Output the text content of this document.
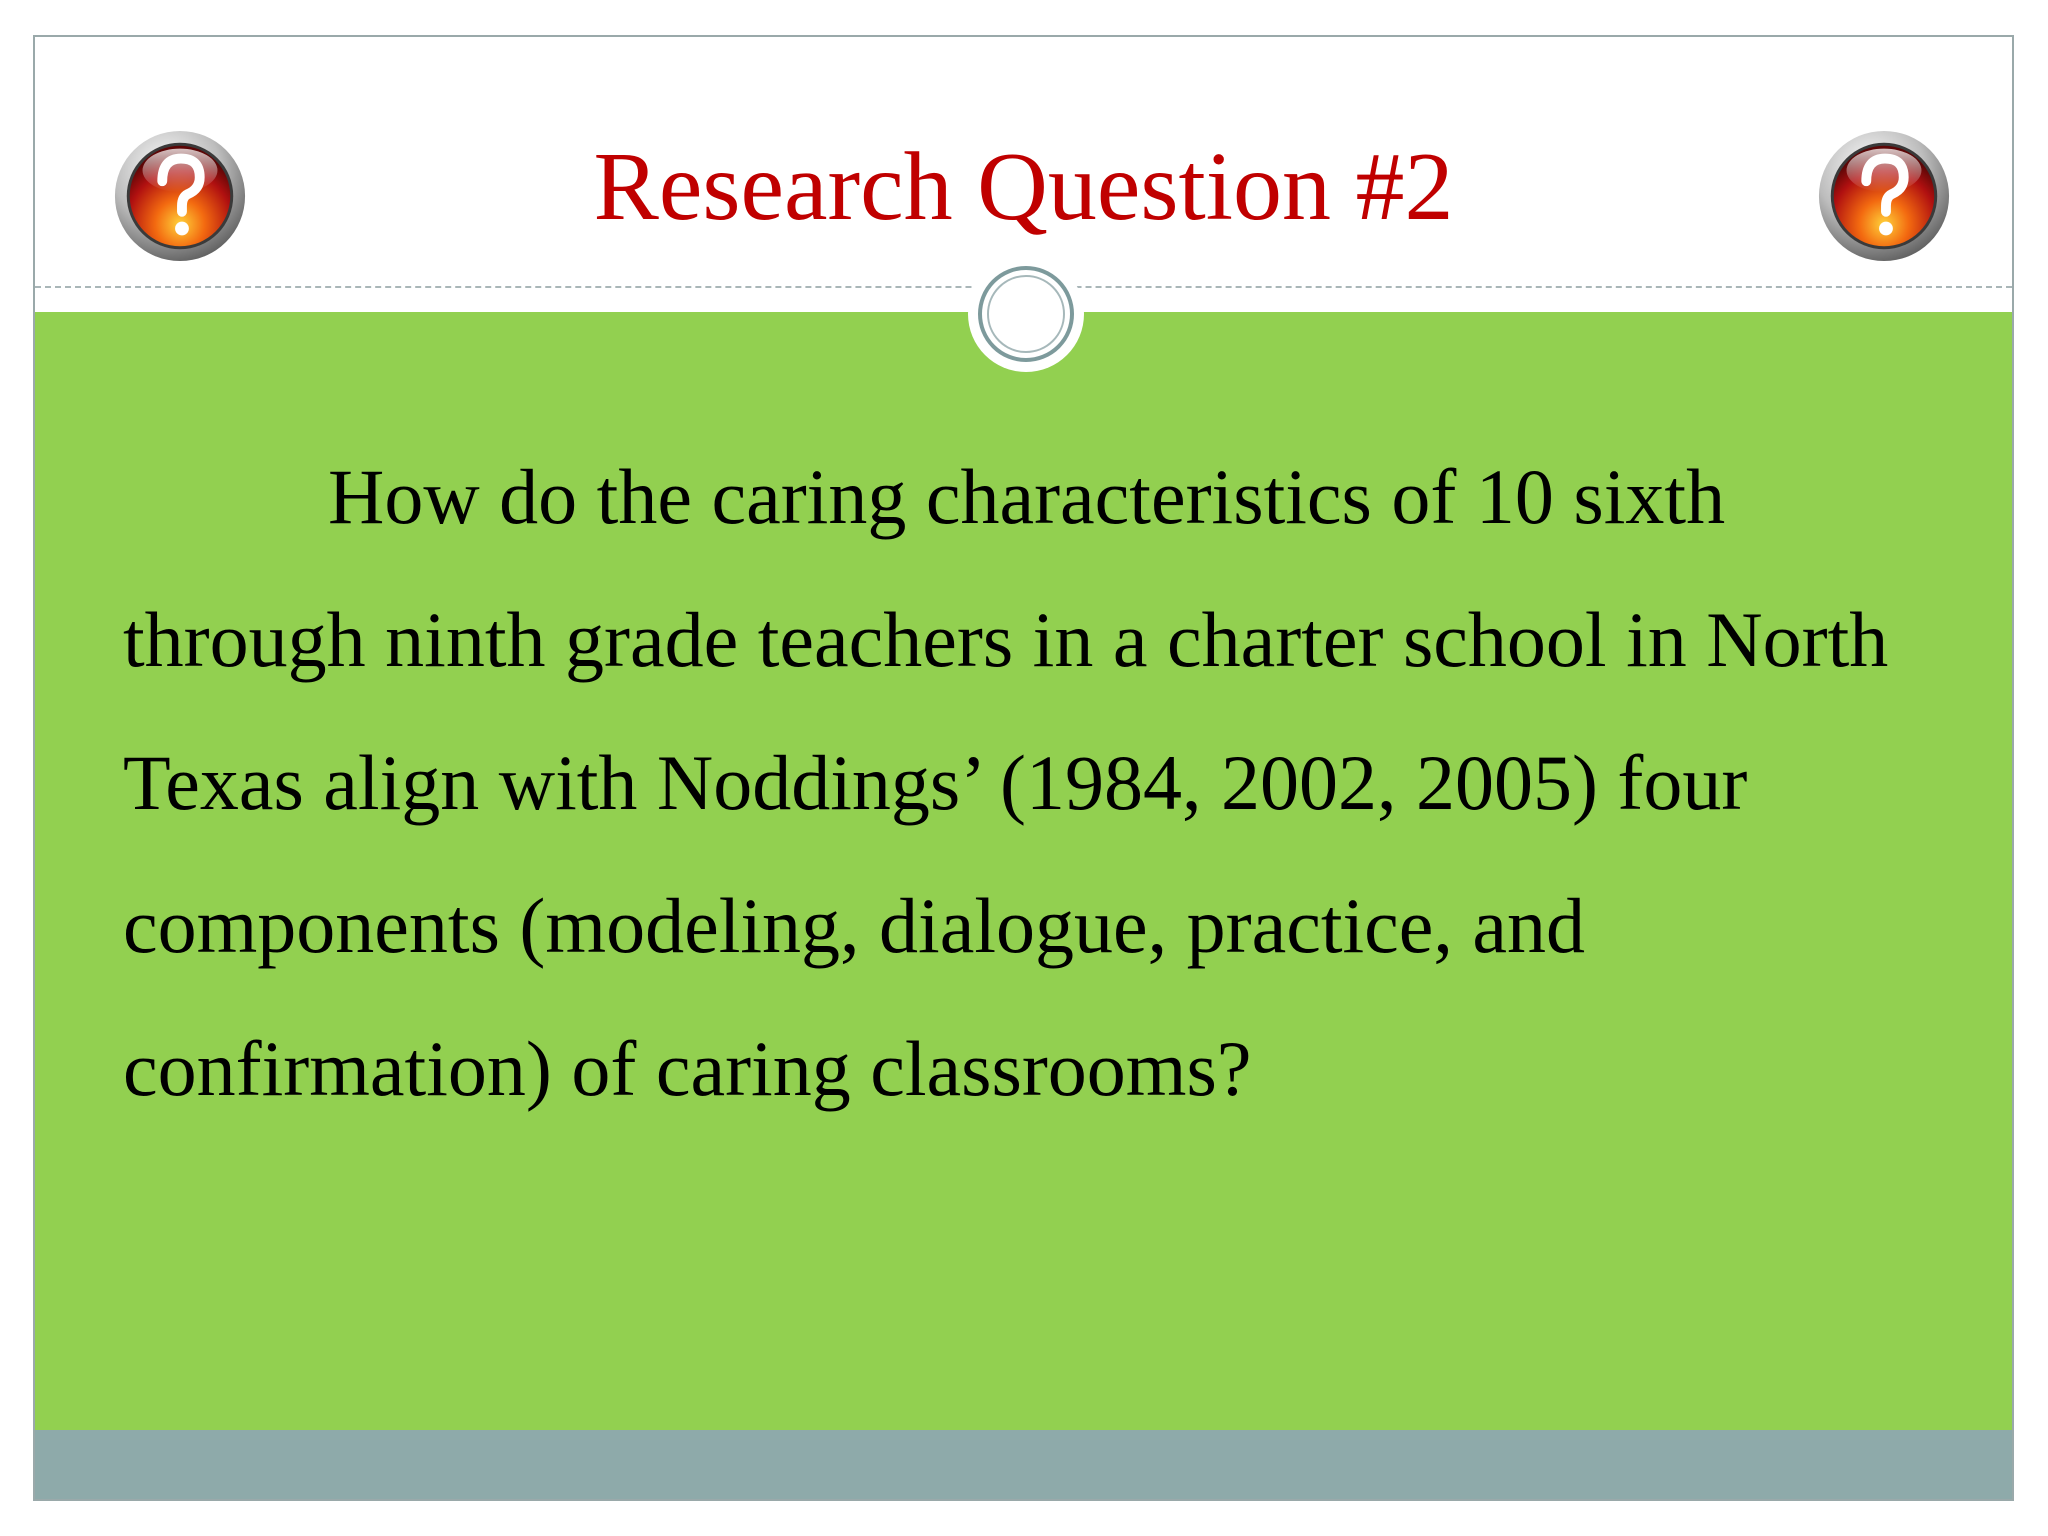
Research Question #2

How do the caring characteristics of 10 sixth
through ninth grade teachers in a charter school in North
Texas align with Noddings’ (1984, 2002, 2005) four
components (modeling, dialogue, practice, and
confirmation) of caring classrooms?
